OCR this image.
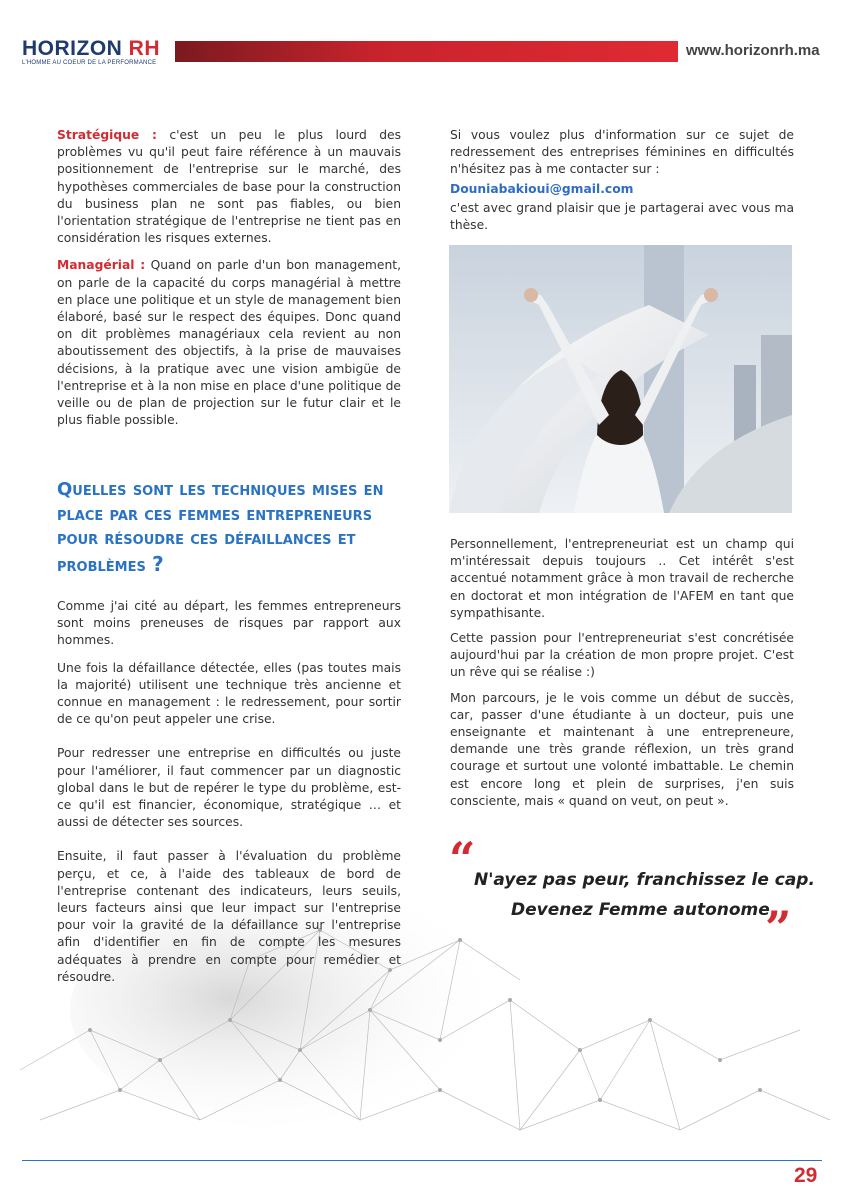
HORIZON RH
L'HOMME AU COEUR DE LA PERFORMANCE
www.horizonrh.ma

Stratégique : c'est un peu le plus lourd des problèmes vu qu'il peut faire référence à un mauvais positionnement de l'entreprise sur le marché, des hypothèses commerciales de base pour la construction du business plan ne sont pas fiables, ou bien l'orientation stratégique de l'entreprise ne tient pas en considération les risques externes.

Managérial : Quand on parle d'un bon management, on parle de la capacité du corps managérial à mettre en place une politique et un style de management bien élaboré, basé sur le respect des équipes. Donc quand on dit problèmes managériaux cela revient au non aboutissement des objectifs, à la prise de mauvaises décisions, à la pratique avec une vision ambigüe de l'entreprise et à la non mise en place d'une politique de veille ou de plan de projection sur le futur clair et le plus fiable possible.

Quelles sont les techniques mises en place par ces femmes entrepreneurs pour résoudre ces défaillances et problèmes ?

Comme j'ai cité au départ, les femmes entrepreneurs sont moins preneuses de risques par rapport aux hommes.

Une fois la défaillance détectée, elles (pas toutes mais la majorité) utilisent une technique très ancienne et connue en management : le redressement, pour sortir de ce qu'on peut appeler une crise.

Pour redresser une entreprise en difficultés ou juste pour l'améliorer, il faut commencer par un diagnostic global dans le but de repérer le type du problème, est-ce qu'il est financier, économique, stratégique … et aussi de détecter ses sources.

Ensuite, il faut passer à l'évaluation du problème perçu, et ce, à l'aide des tableaux de bord de l'entreprise contenant des indicateurs, leurs seuils, leurs facteurs ainsi que leur impact sur l'entreprise pour voir la gravité de la défaillance sur l'entreprise afin d'identifier en fin de compte les mesures adéquates à prendre en compte pour remédier et résoudre.

Si vous voulez plus d'information sur ce sujet de redressement des entreprises féminines en difficultés n'hésitez pas à me contacter sur :

Douniabakioui@gmail.com

c'est avec grand plaisir que je partagerai avec vous ma thèse.

Personnellement, l'entrepreneuriat est un champ qui m'intéressait depuis toujours .. Cet intérêt s'est accentué notamment grâce à mon travail de recherche en doctorat et mon intégration de l'AFEM en tant que sympathisante.

Cette passion pour l'entrepreneuriat s'est concrétisée aujourd'hui par la création de mon propre projet. C'est un rêve qui se réalise :)

Mon parcours, je le vois comme un début de succès, car, passer d'une étudiante à un docteur, puis une enseignante et maintenant à une entrepreneure, demande une très grande réflexion, un très grand courage et surtout une volonté imbattable. Le chemin est encore long et plein de surprises, j'en suis consciente, mais « quand on veut, on peut ».

“
N'ayez pas peur, franchissez le cap.
Devenez Femme autonome
”
29
